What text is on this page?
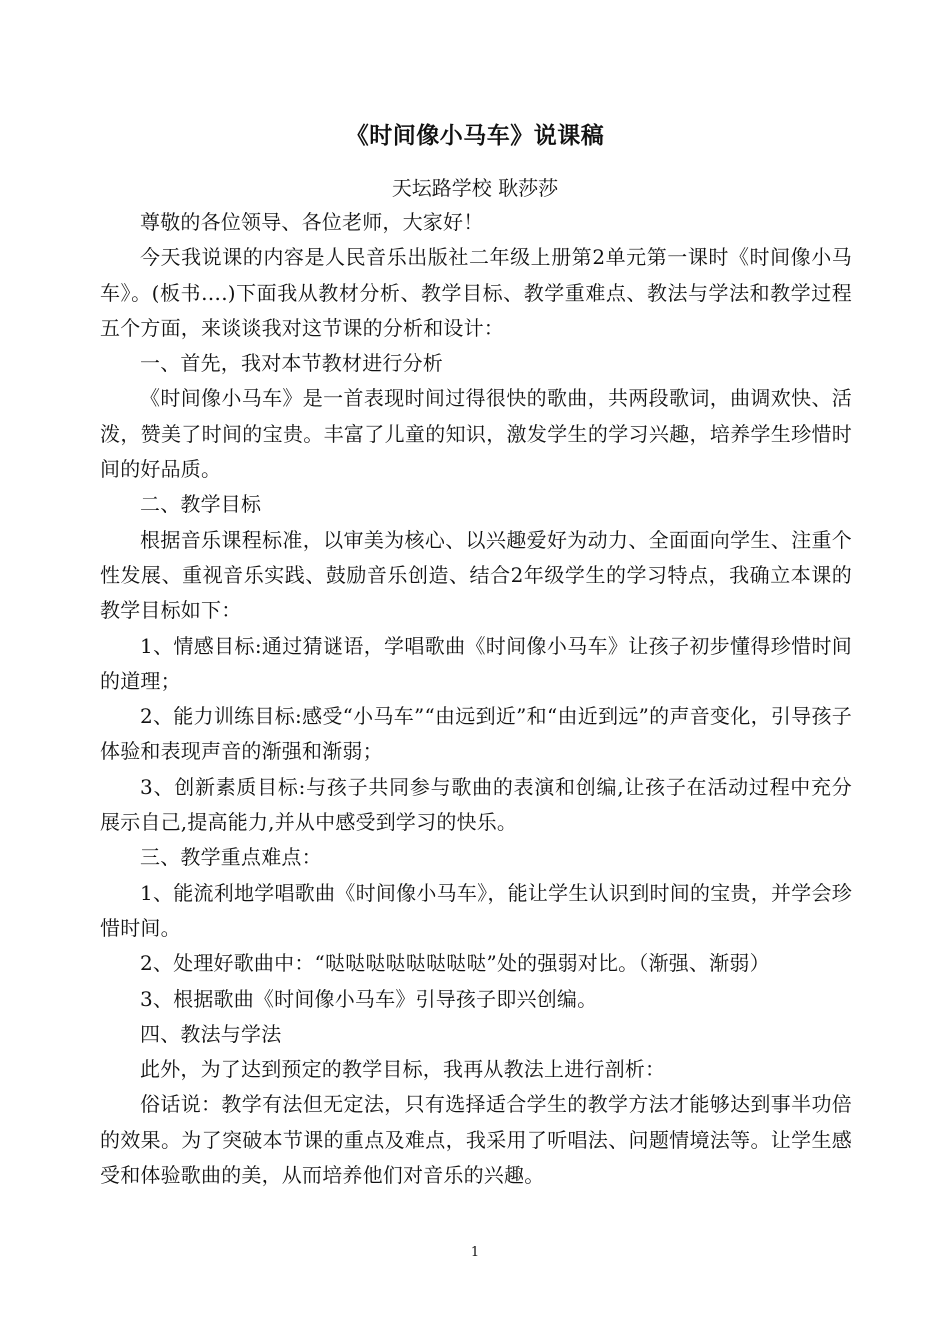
《时间像小马车》说课稿
天坛路学校 耿莎莎

尊敬的各位领导、各位老师，大家好！

今天我说课的内容是人民音乐出版社二年级上册第2单元第一课时《时间像小马车》。(板书….)下面我从教材分析、教学目标、教学重难点、教法与学法和教学过程五个方面，来谈谈我对这节课的分析和设计：

一、首先，我对本节教材进行分析

《时间像小马车》是一首表现时间过得很快的歌曲，共两段歌词，曲调欢快、活泼，赞美了时间的宝贵。丰富了儿童的知识，激发学生的学习兴趣，培养学生珍惜时间的好品质。

二、教学目标

根据音乐课程标准，以审美为核心、以兴趣爱好为动力、全面面向学生、注重个性发展、重视音乐实践、鼓励音乐创造、结合2年级学生的学习特点，我确立本课的教学目标如下：

1、情感目标:通过猜谜语，学唱歌曲《时间像小马车》让孩子初步懂得珍惜时间的道理；

2、能力训练目标:感受“小马车”“由远到近”和“由近到远”的声音变化，引导孩子体验和表现声音的渐强和渐弱；

3、创新素质目标:与孩子共同参与歌曲的表演和创编,让孩子在活动过程中充分展示自己,提高能力,并从中感受到学习的快乐。

三、教学重点难点：

1、能流利地学唱歌曲《时间像小马车》，能让学生认识到时间的宝贵，并学会珍惜时间。

2、处理好歌曲中：“哒哒哒哒哒哒哒哒”处的强弱对比。（渐强、渐弱）

3、根据歌曲《时间像小马车》引导孩子即兴创编。

四、教法与学法

此外，为了达到预定的教学目标，我再从教法上进行剖析：

俗话说：教学有法但无定法，只有选择适合学生的教学方法才能够达到事半功倍的效果。为了突破本节课的重点及难点，我采用了听唱法、问题情境法等。让学生感受和体验歌曲的美，从而培养他们对音乐的兴趣。

1
